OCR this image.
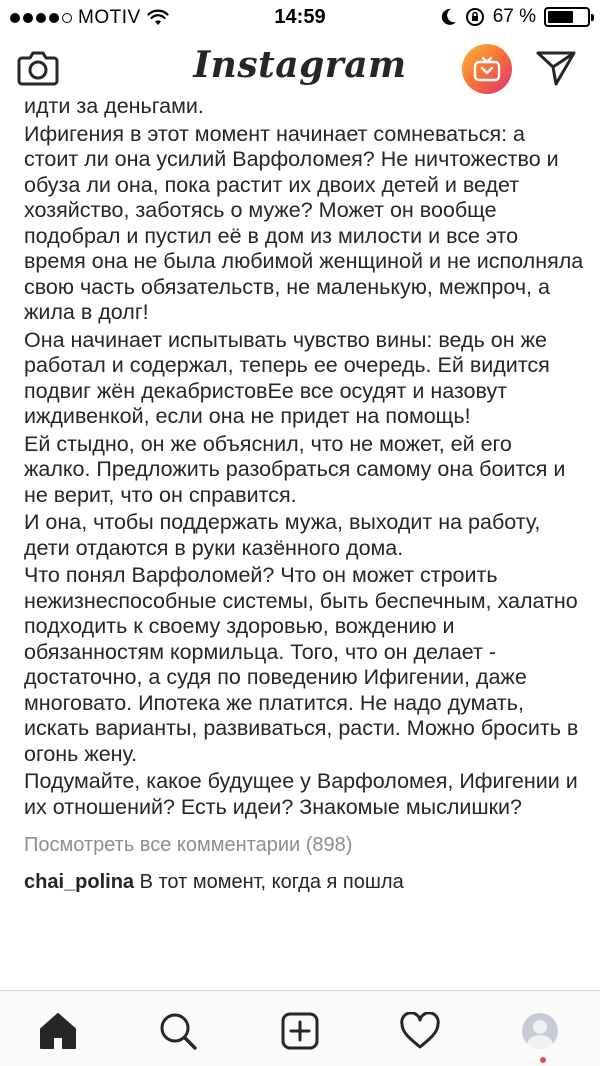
MOTIV	14:59	67 %
Instagram

идти за деньгами.

Ифигения в этот момент начинает сомневаться: а стоит ли она усилий Варфоломея? Не ничтожество и обуза ли она, пока растит их двоих детей и ведет хозяйство, заботясь о муже? Может он вообще подобрал и пустил её в дом из милости и все это время она не была любимой женщиной и не исполняла свою часть обязательств, не маленькую, межпроч, а жила в долг!

Она начинает испытывать чувство вины: ведь он же работал и содержал, теперь ее очередь. Ей видится подвиг жён декабристовЕе все осудят и назовут иждивенкой, если она не придет на помощь!

Ей стыдно, он же объяснил, что не может, ей его жалко. Предложить разобраться самому она боится и не верит, что он справится.

И она, чтобы поддержать мужа, выходит на работу, дети отдаются в руки казённого дома.

Что понял Варфоломей? Что он может строить нежизнеспособные системы, быть беспечным, халатно подходить к своему здоровью, вождению и обязанностям кормильца. Того, что он делает - достаточно, а судя по поведению Ифигении, даже многовато. Ипотека же платится. Не надо думать, искать варианты, развиваться, расти. Можно бросить в огонь жену.

Подумайте, какое будущее у Варфоломея, Ифигении и их отношений? Есть идеи? Знакомые мыслишки?

Посмотреть все комментарии (898)
chai_polina В тот момент, когда я пошла
